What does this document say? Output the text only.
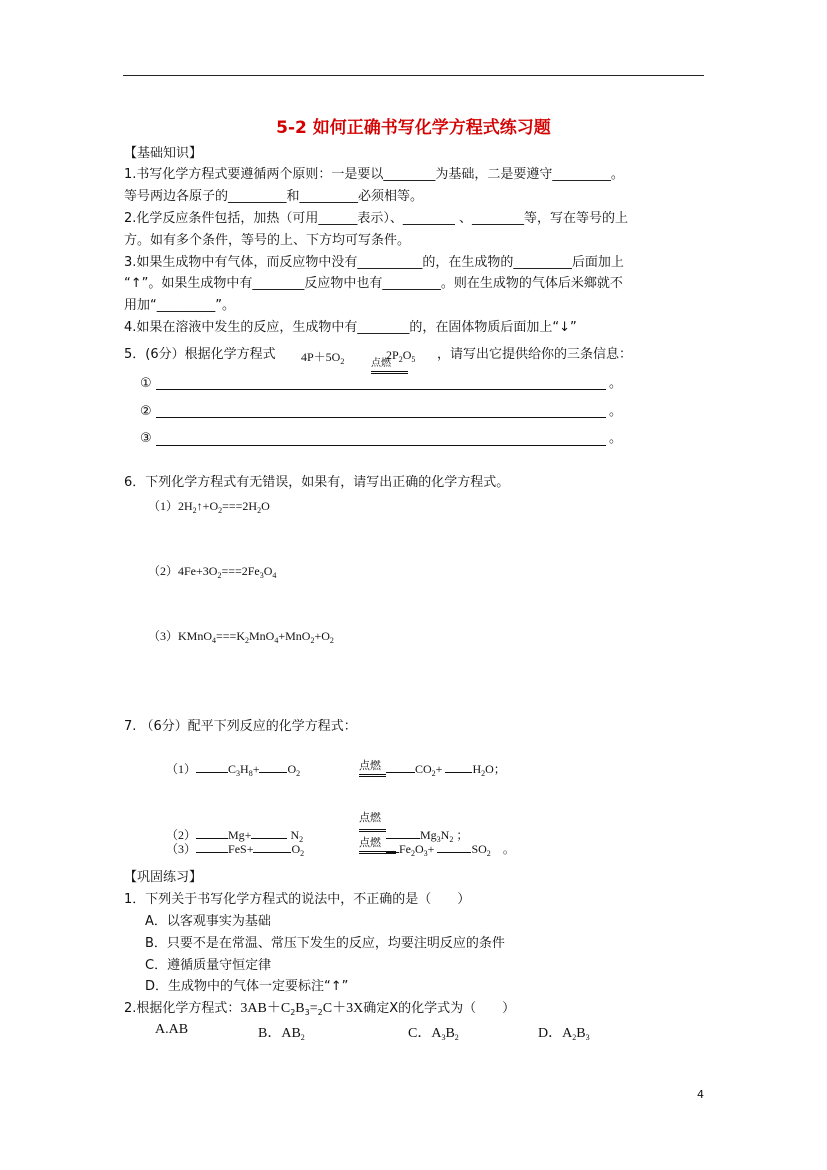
5-2 如何正确书写化学方程式练习题
【基础知识】
1.书写化学方程式要遵循两个原则：一是要以________为基础，二是要遵守_________。
等号两边各原子的_________和_________必须相等。
2.化学反应条件包括，加热（可用______表示）、________ 、________等，写在等号的上
方。如有多个条件，等号的上、下方均可写条件。
3.如果生成物中有气体，而反应物中没有__________的，在生成物的_________后面加上
“↑”。如果生成物中有________反应物中也有_________。则在生成物的气体后米鄉就不
用加“_________”。
4.如果在溶液中发生的反应，生成物中有________的，在固体物质后面加上“↓”
5．(6分）根据化学方程式 $4P+5O_2$	点燃
$2P_2O_5$ ，请写出它提供给你的三条信息：
①	。
②	。
③	。
6．下列化学方程式有无错误，如果有，请写出正确的化学方程式。
$(1)2H_2↑+O_2===2H_2O$
$(2)4Fe+3O_2===2Fe_3O_4$
$(3)KMnO_4===K_2MnO_4+MnO_2+O_2$
7. （6分）配平下列反应的化学方程式：
（1）	$C_3H_8+ O_2$
点燃	$CO_2+ H_2O$；
（2）	Mg+	$N_2$
点燃
$Mg_3N_2$ ；
（3）	FeS+	$O_2$
点燃	$Fe_2O_3+$	$SO_2$　 。
【巩固练习】
1．下列关于书写化学方程式的说法中，不正确的是（　　）
A．以客观事实为基础
B．只要不是在常温、常压下发生的反应，均要注明反应的条件
C．遵循质量守恒定律
D．生成物中的气体一定要标注“↑”
2.根据化学方程式：$3AB+C_2B_3=_2C+3X$确定X的化学式为（　　）
A.AB	B．$AB_2$	C．$A_3B_2$	D．$A_2B_3$
4
